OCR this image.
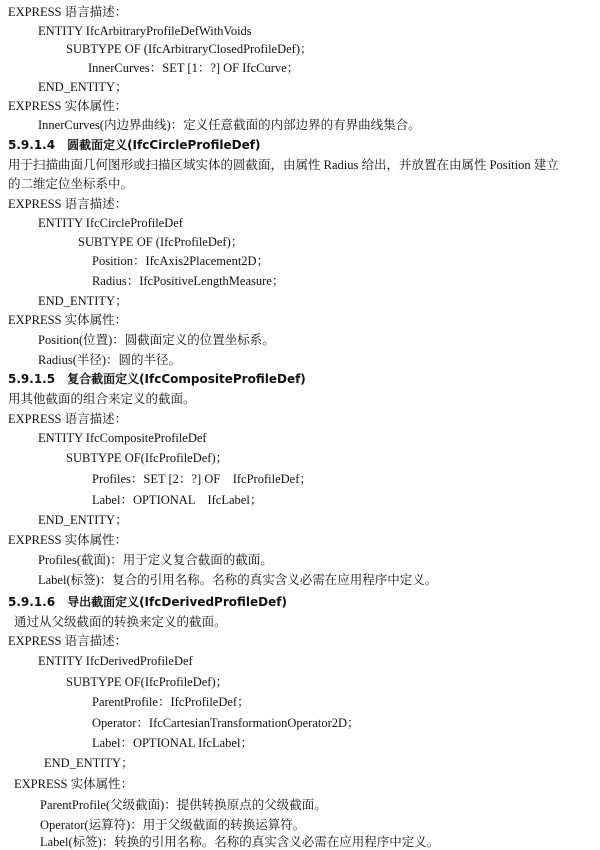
EXPRESS 语言描述：
ENTITY IfcArbitraryProfileDefWithVoids
SUBTYPE OF (IfcArbitraryClosedProfileDef)；
InnerCurves：SET [1：?] OF IfcCurve；
END_ENTITY；
EXPRESS 实体属性：
InnerCurves(内边界曲线)：定义任意截面的内部边界的有界曲线集合。
5.9.1.4　圆截面定义(IfcCircleProfileDef)
用于扫描曲面几何图形或扫描区域实体的圆截面，由属性 Radius 给出，并放置在由属性 Position 建立
的二维定位坐标系中。
EXPRESS 语言描述：
ENTITY IfcCircleProfileDef
SUBTYPE OF (IfcProfileDef)；
Position：IfcAxis2Placement2D；
Radius：IfcPositiveLengthMeasure；
END_ENTITY；
EXPRESS 实体属性：
Position(位置)：圆截面定义的位置坐标系。
Radius(半径)：圆的半径。
5.9.1.5　复合截面定义(IfcCompositeProfileDef)
用其他截面的组合来定义的截面。
EXPRESS 语言描述：
ENTITY IfcCompositeProfileDef
SUBTYPE OF(IfcProfileDef)；
Profiles：SET [2：?] OF　IfcProfileDef；
Label：OPTIONAL　IfcLabel；
END_ENTITY；
EXPRESS 实体属性：
Profiles(截面)：用于定义复合截面的截面。
Label(标签)：复合的引用名称。名称的真实含义必需在应用程序中定义。
5.9.1.6　导出截面定义(IfcDerivedProfileDef)
通过从父级截面的转换来定义的截面。
EXPRESS 语言描述：
ENTITY IfcDerivedProfileDef
SUBTYPE OF(IfcProfileDef)；
ParentProfile：IfcProfileDef；
Operator：IfcCartesianTransformationOperator2D；
Label：OPTIONAL IfcLabel；
END_ENTITY；
EXPRESS 实体属性：
ParentProfile(父级截面)：提供转换原点的父级截面。
Operator(运算符)：用于父级截面的转换运算符。
Label(标签)：转换的引用名称。名称的真实含义必需在应用程序中定义。
